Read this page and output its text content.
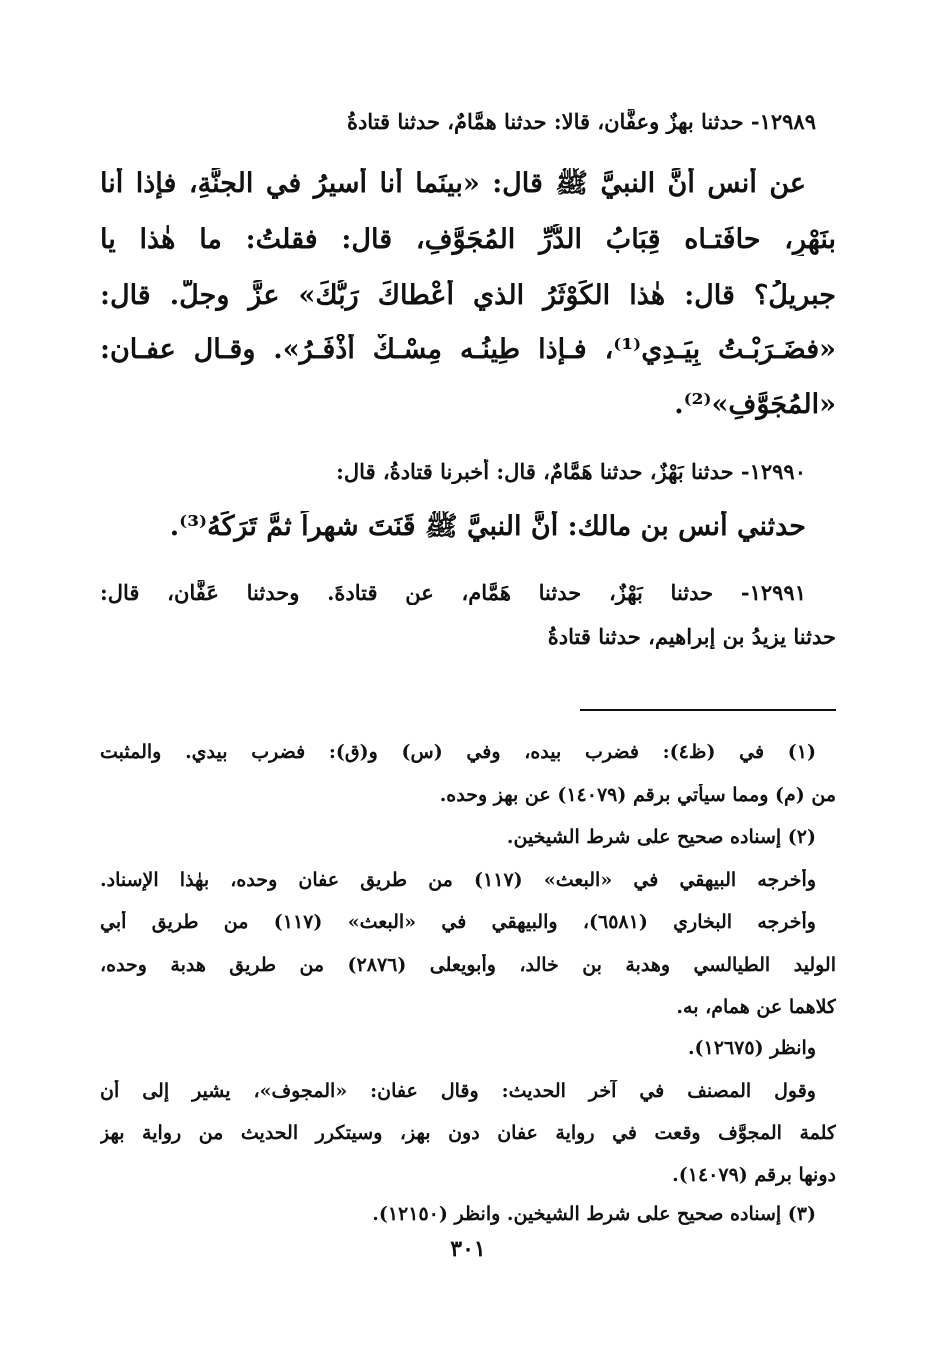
١٢٩٨٩- حدثنا بهزٌ وعفَّان، قالا: حدثنا همَّامٌ، حدثنا قتادةُ
عن أنس أنَّ النبيَّ ﷺ قال: «بينَما أنا أسيرُ في الجنَّةِ، فإذا أنا
بنَهْرٍ، حافَتـاه قِبَابُ الدُّرِّ المُجَوَّفِ، قال: فقلتُ: ما هٰذا يا
جبريلُ؟ قال: هٰذا الكَوْثَرُ الذي أَعْطاكَ رَبُّكَ» عزَّ وجلَّ. قال:
«فضَـرَبْـتُ بِيَـدِي⁽¹⁾، فـإذا طِينُـه مِسْـكٌ أَذْفَـرُ». وقـال عفـان:
«المُجَوَّفِ»⁽²⁾.
١٢٩٩٠- حدثنا بَهْزٌ، حدثنا هَمَّامٌ، قال: أخبرنا قتادةُ، قال:
حدثني أنس بن مالك: أَنَّ النبيَّ ﷺ قَنَتَ شهراً ثمَّ تَرَكَهُ⁽³⁾.
١٢٩٩١- حدثنا بَهْزٌ، حدثنا هَمَّام، عن قتادةَ. وحدثنا عَفَّان، قال:
حدثنا يزيدُ بن إبراهيم، حدثنا قتادةُ
(١) في (ظ٤): فضرب بيده، وفي (س) و(ق): فضرب بيدي. والمثبت
من (م) ومما سيأتي برقم (١٤٠٧٩) عن بهز وحده.
(٢) إسناده صحيح على شرط الشيخين.
وأخرجه البيهقي في «البعث» (١١٧) من طريق عفان وحده، بهٰذا الإسناد.
وأخرجه البخاري (٦٥٨١)، والبيهقي في «البعث» (١١٧) من طريق أبي
الوليد الطيالسي وهدبة بن خالد، وأبويعلى (٢٨٧٦) من طريق هدبة وحده،
كلاهما عن همام، به.
وانظر (١٢٦٧٥).
وقول المصنف في آخر الحديث: وقال عفان: «المجوف»، يشير إلى أن
كلمة المجوَّف وقعت في رواية عفان دون بهز، وسيتكرر الحديث من رواية بهز
دونها برقم (١٤٠٧٩).
(٣) إسناده صحيح على شرط الشيخين. وانظر (١٢١٥٠).
٣٠١
